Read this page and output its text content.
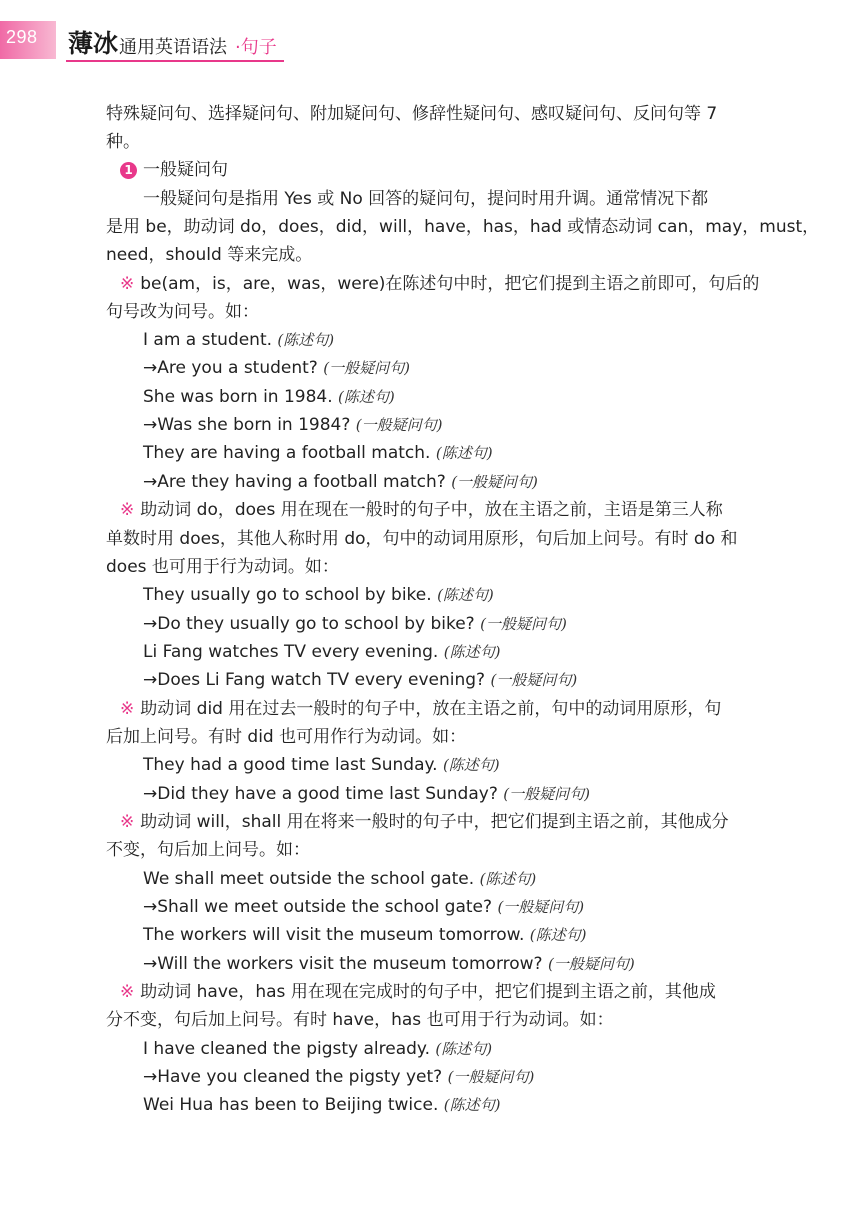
298 薄冰 通用英语语法 ·句子
特殊疑问句、选择疑问句、附加疑问句、修辞性疑问句、感叹疑问句、反问句等 7
种。
1 一般疑问句
一般疑问句是指用 Yes 或 No 回答的疑问句，提问时用升调。通常情况下都
是用 be，助动词 do，does，did，will，have，has，had 或情态动词 can，may，must，
need，should 等来完成。
※ be(am，is，are，was，were)在陈述句中时，把它们提到主语之前即可，句后的
句号改为问号。如：
I am a student. (陈述句)
→Are you a student? (一般疑问句)
She was born in 1984. (陈述句)
→Was she born in 1984? (一般疑问句)
They are having a football match. (陈述句)
→Are they having a football match? (一般疑问句)
※ 助动词 do，does 用在现在一般时的句子中，放在主语之前，主语是第三人称
单数时用 does，其他人称时用 do，句中的动词用原形，句后加上问号。有时 do 和
does 也可用于行为动词。如：
They usually go to school by bike. (陈述句)
→Do they usually go to school by bike? (一般疑问句)
Li Fang watches TV every evening. (陈述句)
→Does Li Fang watch TV every evening? (一般疑问句)
※ 助动词 did 用在过去一般时的句子中，放在主语之前，句中的动词用原形，句
后加上问号。有时 did 也可用作行为动词。如：
They had a good time last Sunday. (陈述句)
→Did they have a good time last Sunday? (一般疑问句)
※ 助动词 will，shall 用在将来一般时的句子中，把它们提到主语之前，其他成分
不变，句后加上问号。如：
We shall meet outside the school gate. (陈述句)
→Shall we meet outside the school gate? (一般疑问句)
The workers will visit the museum tomorrow. (陈述句)
→Will the workers visit the museum tomorrow? (一般疑问句)
※ 助动词 have，has 用在现在完成时的句子中，把它们提到主语之前，其他成
分不变，句后加上问号。有时 have，has 也可用于行为动词。如：
I have cleaned the pigsty already. (陈述句)
→Have you cleaned the pigsty yet? (一般疑问句)
Wei Hua has been to Beijing twice. (陈述句)
